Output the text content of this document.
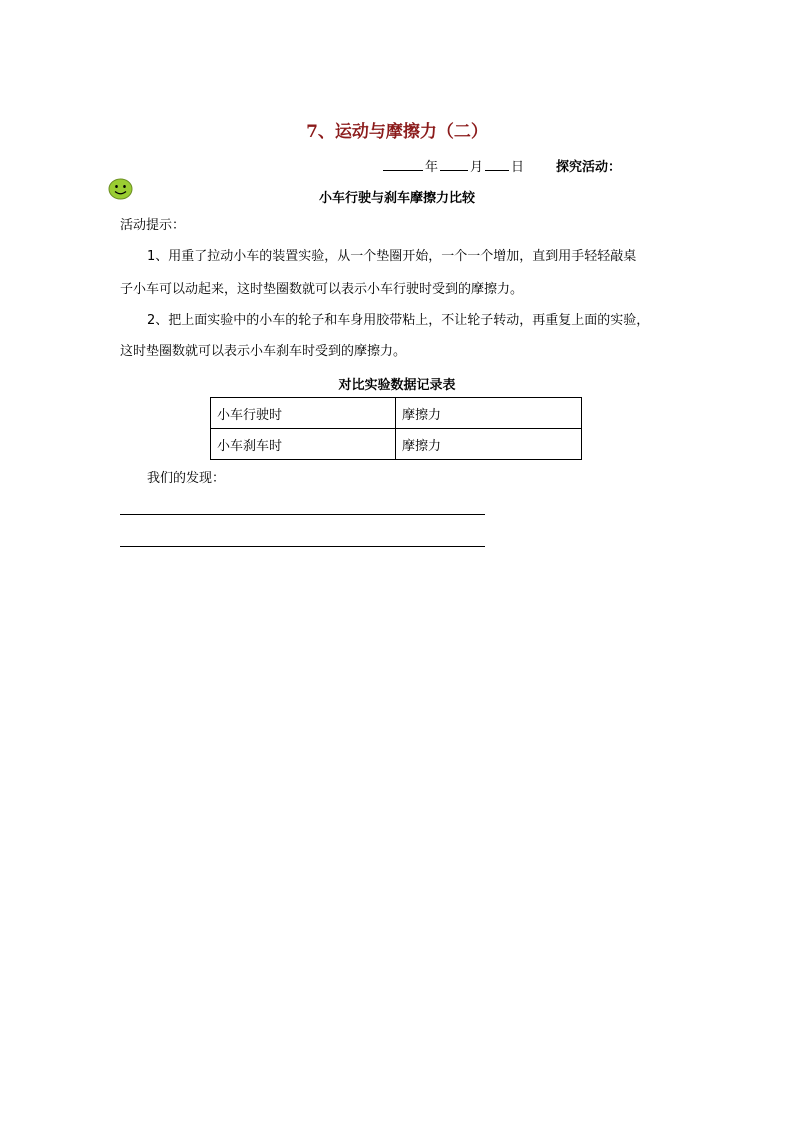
7、运动与摩擦力（二）
年 月 日 探究活动：
小车行驶与刹车摩擦力比较
活动提示：
1、用重了拉动小车的装置实验，从一个垫圈开始，一个一个增加，直到用手轻轻敲桌
子小车可以动起来，这时垫圈数就可以表示小车行驶时受到的摩擦力。
2、把上面实验中的小车的轮子和车身用胶带粘上，不让轮子转动，再重复上面的实验，
这时垫圈数就可以表示小车刹车时受到的摩擦力。
对比实验数据记录表
小车行驶时	摩擦力
小车刹车时	摩擦力
我们的发现：
